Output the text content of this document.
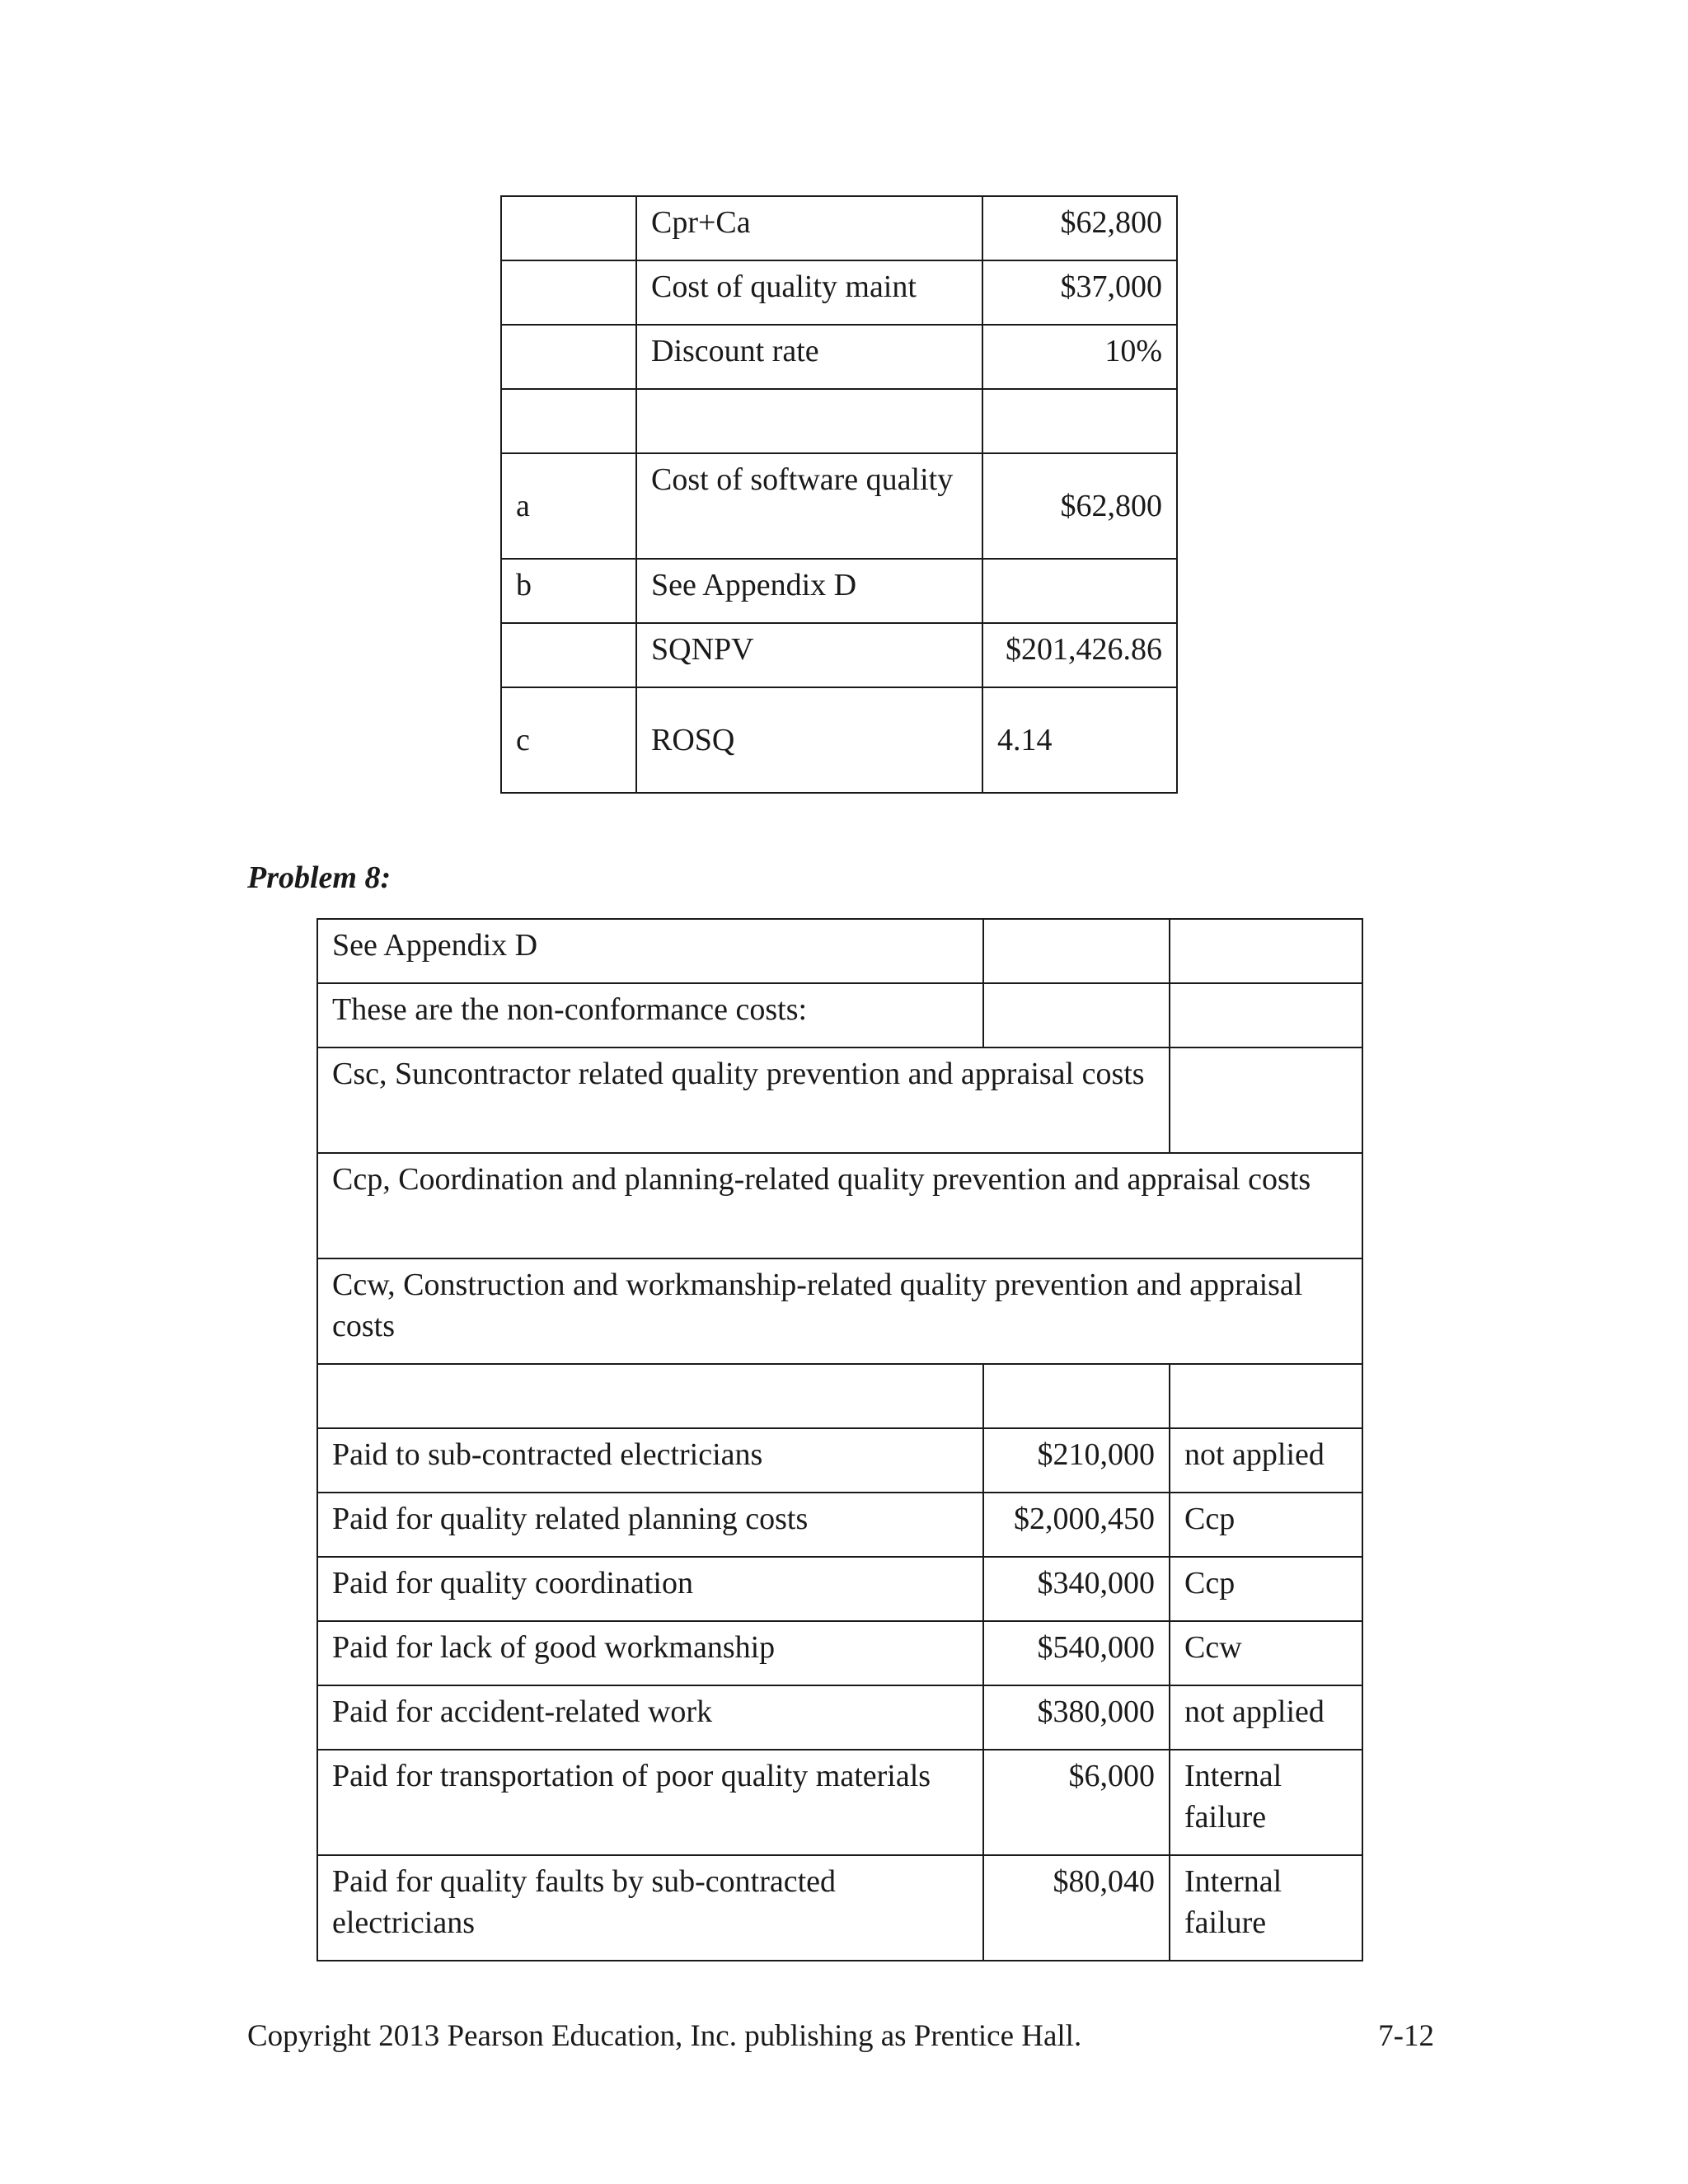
	Cpr+Ca	$62,800
	Cost of quality maint	$37,000
	Discount rate	10%

a	Cost of software quality	$62,800
b	See Appendix D	
	SQNPV	$201,426.86
c	ROSQ	4.14
Problem 8:
See Appendix D		
These are the non-conformance costs:		
Csc, Suncontractor related quality prevention and appraisal costs		
Ccp, Coordination and planning-related quality prevention and appraisal costs		
Ccw, Construction and workmanship-related quality prevention and appraisal costs		

Paid to sub-contracted electricians	$210,000	not applied
Paid for quality related planning costs	$2,000,450	Ccp
Paid for quality coordination	$340,000	Ccp
Paid for lack of good workmanship	$540,000	Ccw
Paid for accident-related work	$380,000	not applied
Paid for transportation of poor quality materials	$6,000	Internal failure
Paid for quality faults by sub-contracted electricians	$80,040	Internal failure
Copyright 2013 Pearson Education, Inc. publishing as Prentice Hall.	7-12
